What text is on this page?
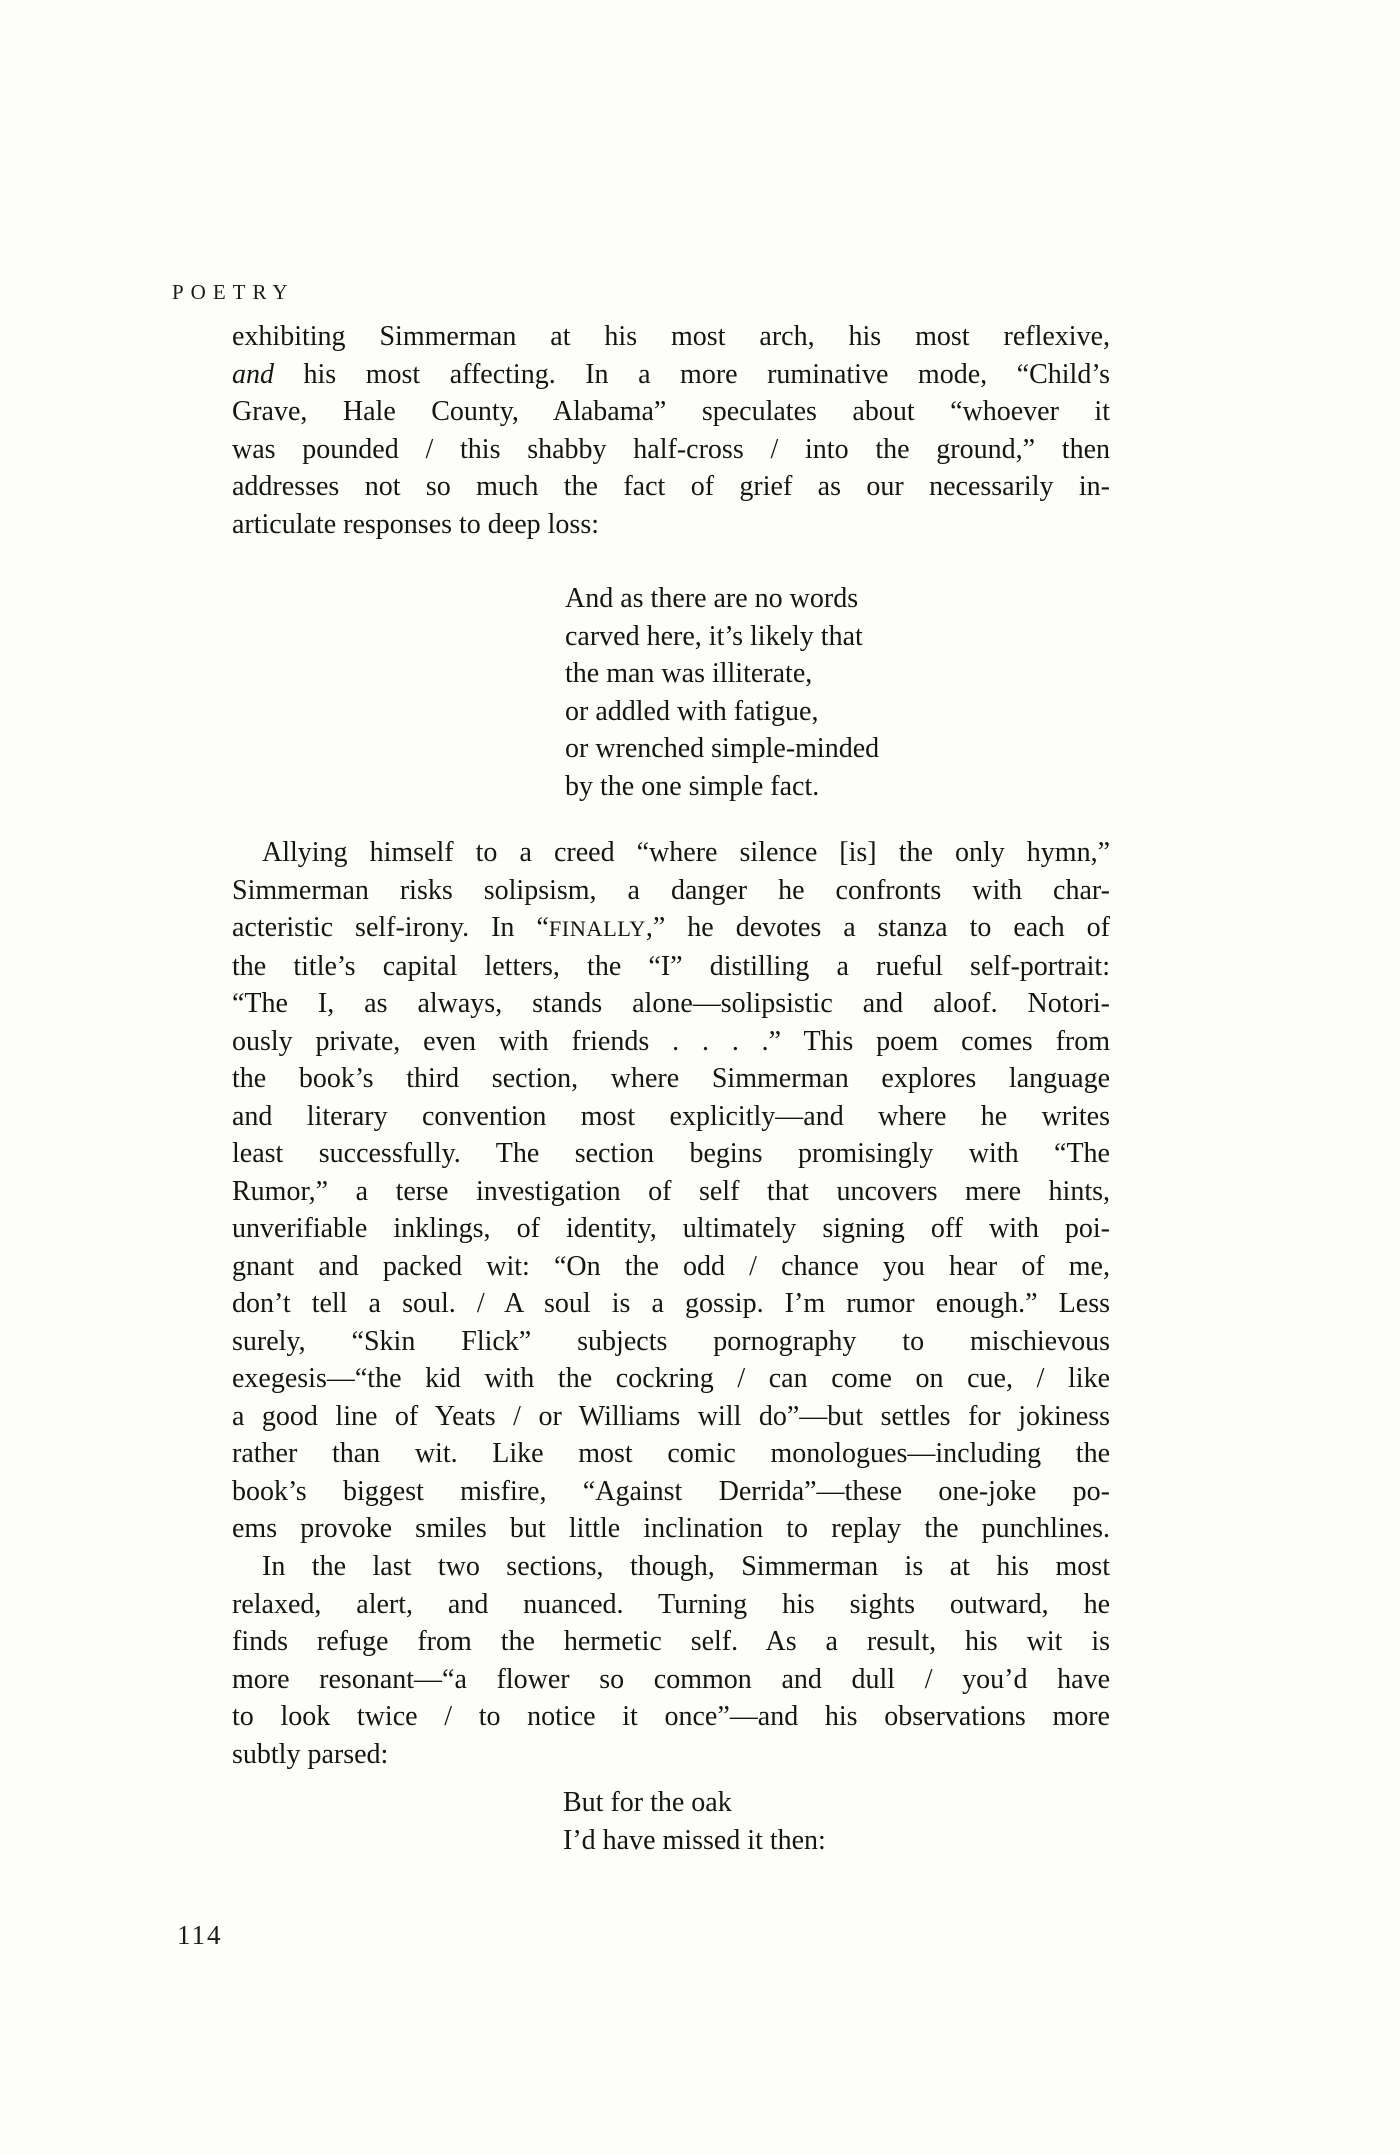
POETRY
exhibiting Simmerman at his most arch, his most reflexive,
and his most affecting. In a more ruminative mode, “Child’s
Grave, Hale County, Alabama” speculates about “whoever it
was pounded / this shabby half-cross / into the ground,” then
addresses not so much the fact of grief as our necessarily in-
articulate responses to deep loss:
And as there are no words
carved here, it’s likely that
the man was illiterate,
or addled with fatigue,
or wrenched simple-minded
by the one simple fact.
Allying himself to a creed “where silence [is] the only hymn,”
Simmerman risks solipsism, a danger he confronts with char-
acteristic self-irony. In “FINALLY,” he devotes a stanza to each of
the title’s capital letters, the “I” distilling a rueful self-portrait:
“The I, as always, stands alone—solipsistic and aloof. Notori-
ously private, even with friends . . . .” This poem comes from
the book’s third section, where Simmerman explores language
and literary convention most explicitly—and where he writes
least successfully. The section begins promisingly with “The
Rumor,” a terse investigation of self that uncovers mere hints,
unverifiable inklings, of identity, ultimately signing off with poi-
gnant and packed wit: “On the odd / chance you hear of me,
don’t tell a soul. / A soul is a gossip. I’m rumor enough.” Less
surely, “Skin Flick” subjects pornography to mischievous
exegesis—“the kid with the cockring / can come on cue, / like
a good line of Yeats / or Williams will do”—but settles for jokiness
rather than wit. Like most comic monologues—including the
book’s biggest misfire, “Against Derrida”—these one-joke po-
ems provoke smiles but little inclination to replay the punchlines.
In the last two sections, though, Simmerman is at his most
relaxed, alert, and nuanced. Turning his sights outward, he
finds refuge from the hermetic self. As a result, his wit is
more resonant—“a flower so common and dull / you’d have
to look twice / to notice it once”—and his observations more
subtly parsed:
But for the oak
I’d have missed it then:
114
